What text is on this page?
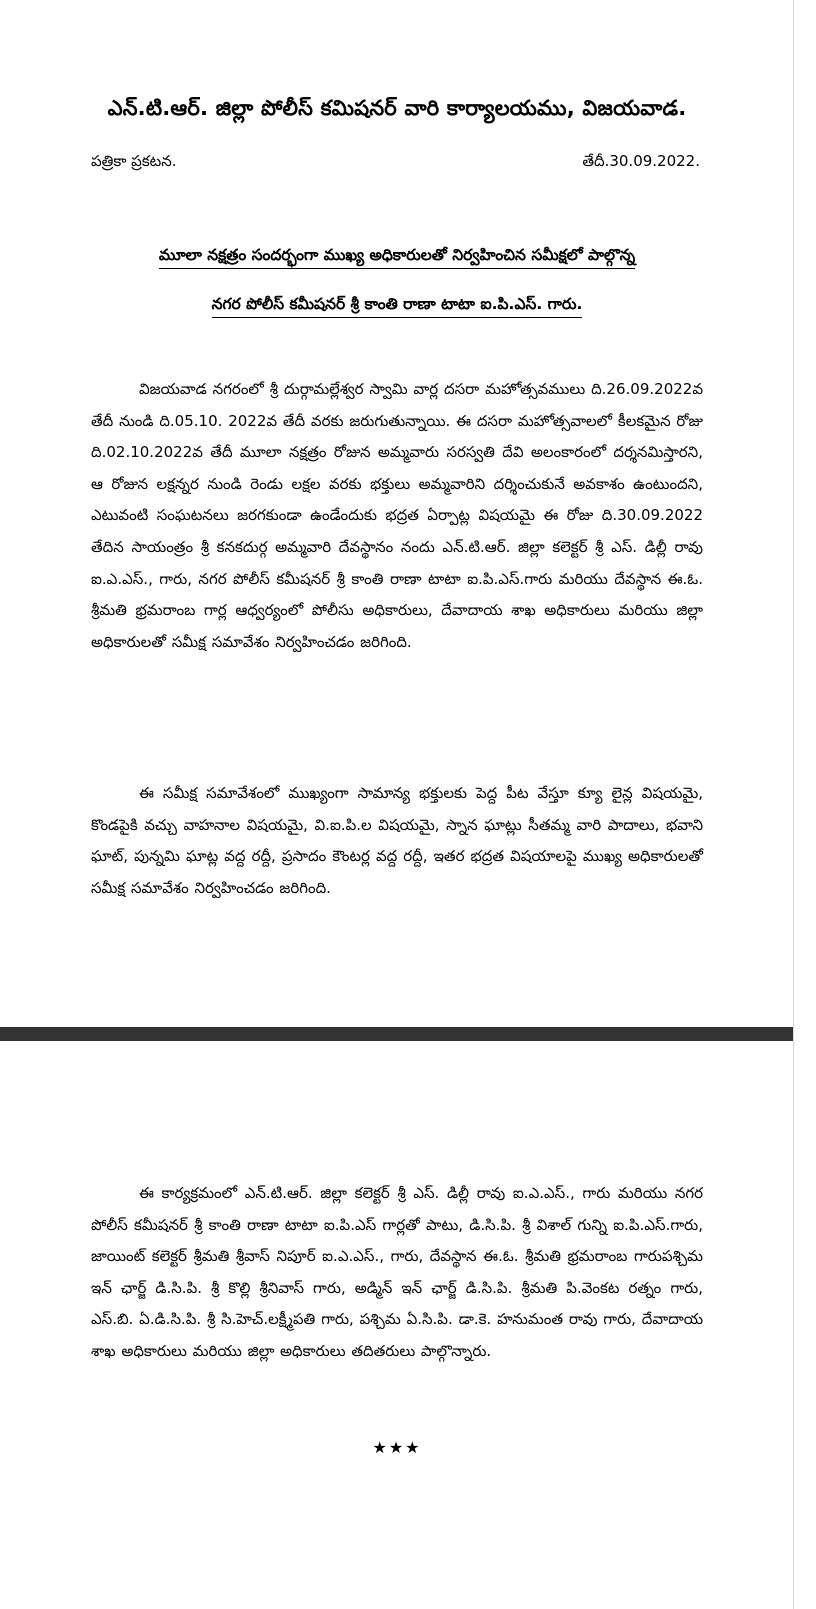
ఎన్.టి.ఆర్. జిల్లా పోలీస్ కమిషనర్ వారి కార్యాలయము, విజయవాడ.
పత్రికా ప్రకటన.	తేదీ.30.09.2022.
మూలా నక్షత్రం సందర్భంగా ముఖ్య అధికారులతో నిర్వహించిన సమీక్షలో పాల్గొన్న
నగర పోలీస్ కమీషనర్ శ్రీ కాంతి రాణా టాటా ఐ.పి.ఎస్. గారు.
విజయవాడ నగరంలో శ్రీ దుర్గామల్లేశ్వర స్వామి వార్ల దసరా మహోత్సవములు ది.26.09.2022వ తేదీ నుండి ది.05.10. 2022వ తేదీ వరకు జరుగుతున్నాయి. ఈ దసరా మహోత్సవాలలో కీలకమైన రోజు ది.02.10.2022వ తేదీ మూలా నక్షత్రం రోజున అమ్మవారు సరస్వతి దేవి అలంకారంలో దర్శనమిస్తారని, ఆ రోజున లక్షన్నర నుండి రెండు లక్షల వరకు భక్తులు అమ్మవారిని దర్శించుకునే అవకాశం ఉంటుందని, ఎటువంటి సంఘటనలు జరగకుండా ఉండేందుకు భద్రత ఏర్పాట్ల విషయమై ఈ రోజు ది.30.09.2022 తేదిన సాయంత్రం శ్రీ కనకదుర్గ అమ్మవారి దేవస్థానం నందు ఎన్.టి.ఆర్. జిల్లా కలెక్టర్ శ్రీ ఎస్. డిల్లీ రావు ఐ.ఎ.ఎస్., గారు, నగర పోలీస్ కమీషనర్ శ్రీ కాంతి రాణా టాటా ఐ.పి.ఎస్.గారు మరియు దేవస్థాన ఈ.ఓ. శ్రీమతి భ్రమరాంబ గార్ల ఆధ్వర్యంలో పోలీసు అధికారులు, దేవాదాయ శాఖ అధికారులు మరియు జిల్లా అధికారులతో సమీక్ష సమావేశం నిర్వహించడం జరిగింది.
ఈ సమీక్ష సమావేశంలో ముఖ్యంగా సామాన్య భక్తులకు పెద్ద పీట వేస్తూ క్యూ లైన్ల విషయమై, కొండపైకి వచ్చు వాహనాల విషయమై, వి.ఐ.పి.ల విషయమై, స్నాన ఘాట్లు సీతమ్మ వారి పాదాలు, భవాని ఘాట్, పున్నమి ఘాట్ల వద్ద రద్దీ, ప్రసాదం కౌంటర్ల వద్ద రద్దీ, ఇతర భద్రత విషయాలపై ముఖ్య అధికారులతో సమీక్ష సమావేశం నిర్వహించడం జరిగింది.
ఈ కార్యక్రమంలో ఎన్.టి.ఆర్. జిల్లా కలెక్టర్ శ్రీ ఎస్. డిల్లీ రావు ఐ.ఎ.ఎస్., గారు మరియు నగర పోలీస్ కమీషనర్ శ్రీ కాంతి రాణా టాటా ఐ.పి.ఎస్ గార్లతో పాటు, డి.సి.పి. శ్రీ విశాల్ గున్ని ఐ.పి.ఎస్.గారు, జాయింట్ కలెక్టర్ శ్రీమతి శ్రీవాస్ నిపూర్ ఐ.ఎ.ఎస్., గారు, దేవస్థాన ఈ.ఓ. శ్రీమతి భ్రమరాంబ గారుపశ్చిమ ఇన్ ఛార్జ్ డి.సి.పి. శ్రీ కొల్లి శ్రీనివాస్ గారు, అడ్మిన్ ఇన్ ఛార్జ్ డి.సి.పి. శ్రీమతి పి.వెంకట రత్నం గారు, ఎస్.బి. ఏ.డి.సి.పి. శ్రీ సి.హెచ్.లక్ష్మీపతి గారు, పశ్చిమ ఏ.సి.పి. డా.కె. హనుమంత రావు గారు, దేవాదాయ శాఖ అధికారులు మరియు జిల్లా అధికారులు తదితరులు పాల్గొన్నారు.
★★★
